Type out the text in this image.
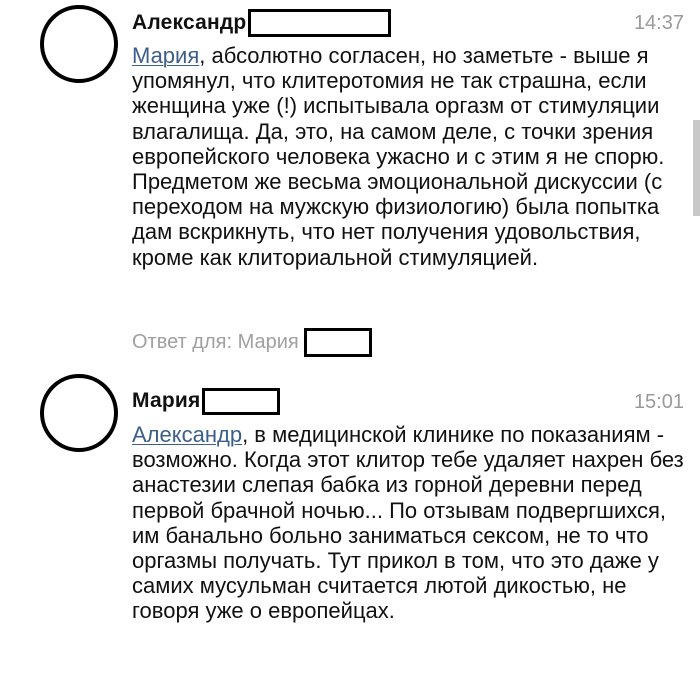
Александр	14:37

Мария, абсолютно согласен, но заметьте - выше я упомянул, что клитеротомия не так страшна, если женщина уже (!) испытывала оргазм от стимуляции влагалища. Да, это, на самом деле, с точки зрения европейского человека ужасно и с этим я не спорю. Предметом же весьма эмоциональной дискуссии (с переходом на мужскую физиологию) была попытка дам вскрикнуть, что нет получения удовольствия, кроме как клиториальной стимуляцией.

Ответ для: Мария
Мария	15:01

Александр, в медицинской клинике по показаниям - возможно. Когда этот клитор тебе удаляет нахрен без анастезии слепая бабка из горной деревни перед первой брачной ночью... По отзывам подвергшихся, им банально больно заниматься сексом, не то что оргазмы получать. Тут прикол в том, что это даже у самих мусульман считается лютой дикостью, не говоря уже о европейцах.
